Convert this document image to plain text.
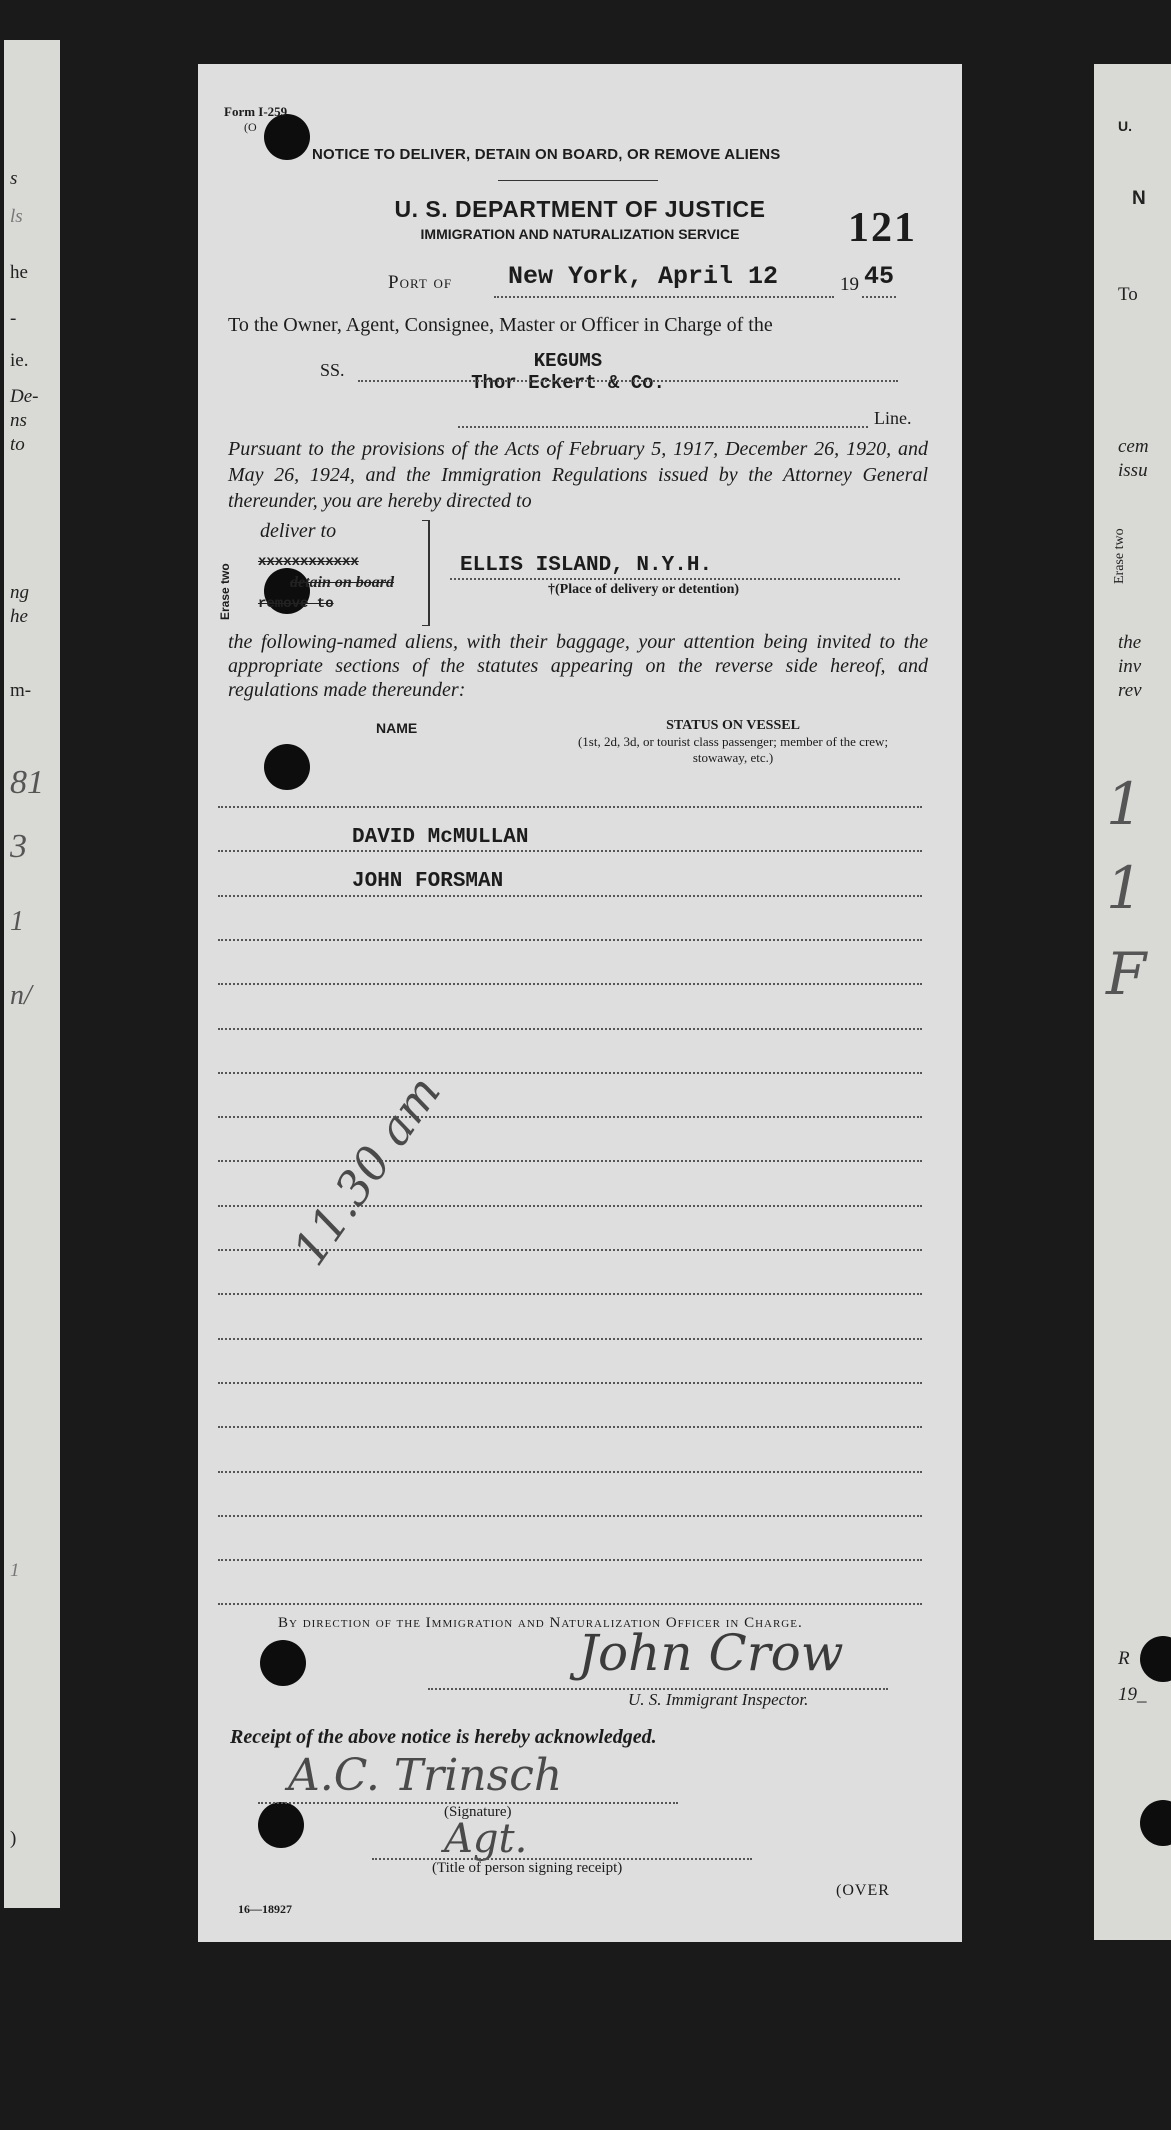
s
ls
he
-
ie.
De-
ns
to
ng
he
m-
81
3
1
n/
1
)
U.
N
To
cem
issu
the
inv
rev
Erase two
1
1
F
R
19_
Form I-259
(O
NOTICE TO DELIVER, DETAIN ON BOARD, OR REMOVE ALIENS
U. S. DEPARTMENT OF JUSTICE
IMMIGRATION AND NATURALIZATION SERVICE	121
Port of New York, April 12	19 45
To the Owner, Agent, Consignee, Master or Officer in Charge of the
SS.	KEGUMS
Thor Eckert & Co.
Line.
Pursuant to the provisions of the Acts of February 5, 1917, December 26, 1920, and May 26, 1924, and the Immigration Regulations issued by the Attorney General thereunder, you are hereby directed to
Erase two
deliver to
xxxxxxxxxxxx
detain on board
remove to
ELLIS ISLAND, N.Y.H.
†(Place of delivery or detention)
the following-named aliens, with their baggage, your attention being invited to the appropriate sections of the statutes appearing on the reverse side hereof, and regulations made thereunder:
NAME	STATUS ON VESSEL
(1st, 2d, 3d, or tourist class passenger; member of the crew; stowaway, etc.)
DAVID McMULLAN
JOHN FORSMAN
11.30 am
By direction of the Immigration and Naturalization Officer in Charge.
John Crow
U. S. Immigrant Inspector.
Receipt of the above notice is hereby acknowledged.
A.C. Trinsch
(Signature)
Agt.
(Title of person signing receipt)
(OVER
16—18927
